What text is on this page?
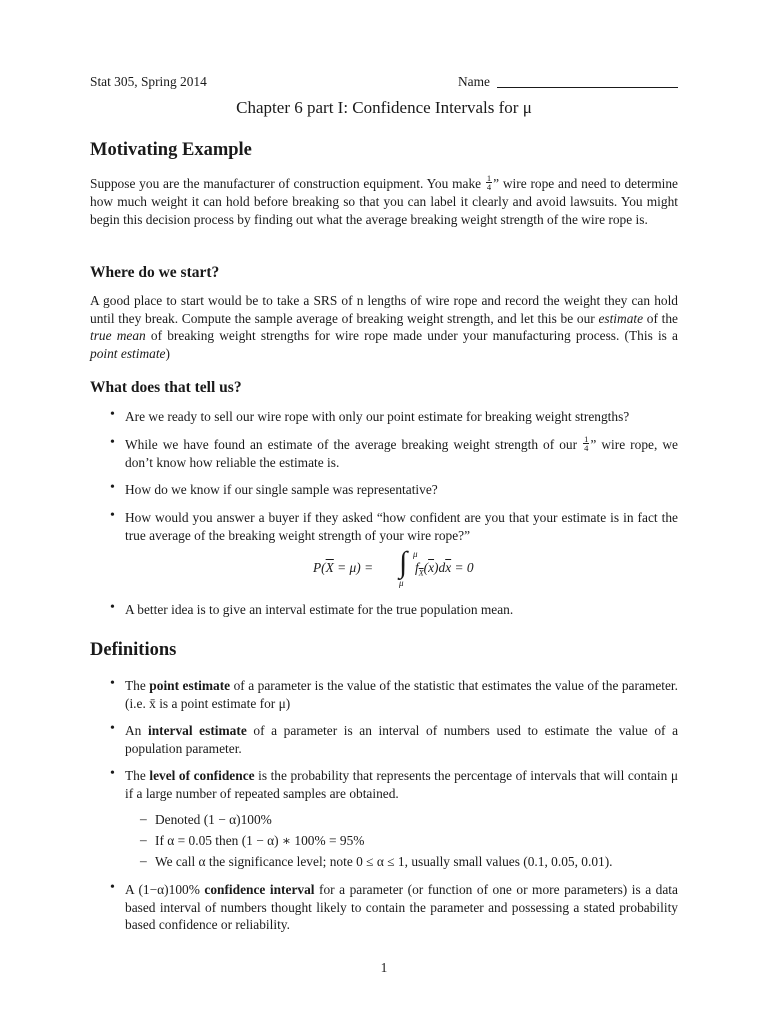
Stat 305, Spring 2014	Name
Chapter 6 part I: Confidence Intervals for μ
Motivating Example
Suppose you are the manufacturer of construction equipment. You make $\frac{1}{4}$ ” wire rope and need to determine how much weight it can hold before breaking so that you can label it clearly and avoid lawsuits. You might begin this decision process by finding out what the average breaking weight strength of the wire rope is.
Where do we start?
A good place to start would be to take a SRS of n lengths of wire rope and record the weight they can hold until they break. Compute the sample average of breaking weight strength, and let this be our estimate of the true mean of breaking weight strengths for wire rope made under your manufacturing process. (This is a point estimate)
What does that tell us?
• Are we ready to sell our wire rope with only our point estimate for breaking weight strengths?
• While we have found an estimate of the average breaking weight strength of our $\frac{1}{4}$ ” wire rope, we don’t know how reliable the estimate is.
• How do we know if our single sample was representative?
• How would you answer a buyer if they asked “how confident are you that your estimate is in fact the true average of the breaking weight strength of your wire rope?”
$P(\overline{X} = \mu)$ = ∫ μ
μ
$f_{\overline{X}}(\overline{x})d\overline{x} = 0$
• A better idea is to give an interval estimate for the true population mean.
Definitions
• The point estimate of a parameter is the value of the statistic that estimates the value of the parameter. (i.e. x̄ is a point estimate for μ)
• An interval estimate of a parameter is an interval of numbers used to estimate the value of a population parameter.
• The level of confidence is the probability that represents the percentage of intervals that will contain μ if a large number of repeated samples are obtained.
– Denoted (1 − α)100%
– If α = 0.05 then (1 − α) ∗ 100% = 95%
– We call α the significance level; note 0 ≤ α ≤ 1, usually small values (0.1, 0.05, 0.01).
• A (1−α)100% confidence interval for a parameter (or function of one or more parameters) is a data based interval of numbers thought likely to contain the parameter and possessing a stated probability based confidence or reliability.
1
